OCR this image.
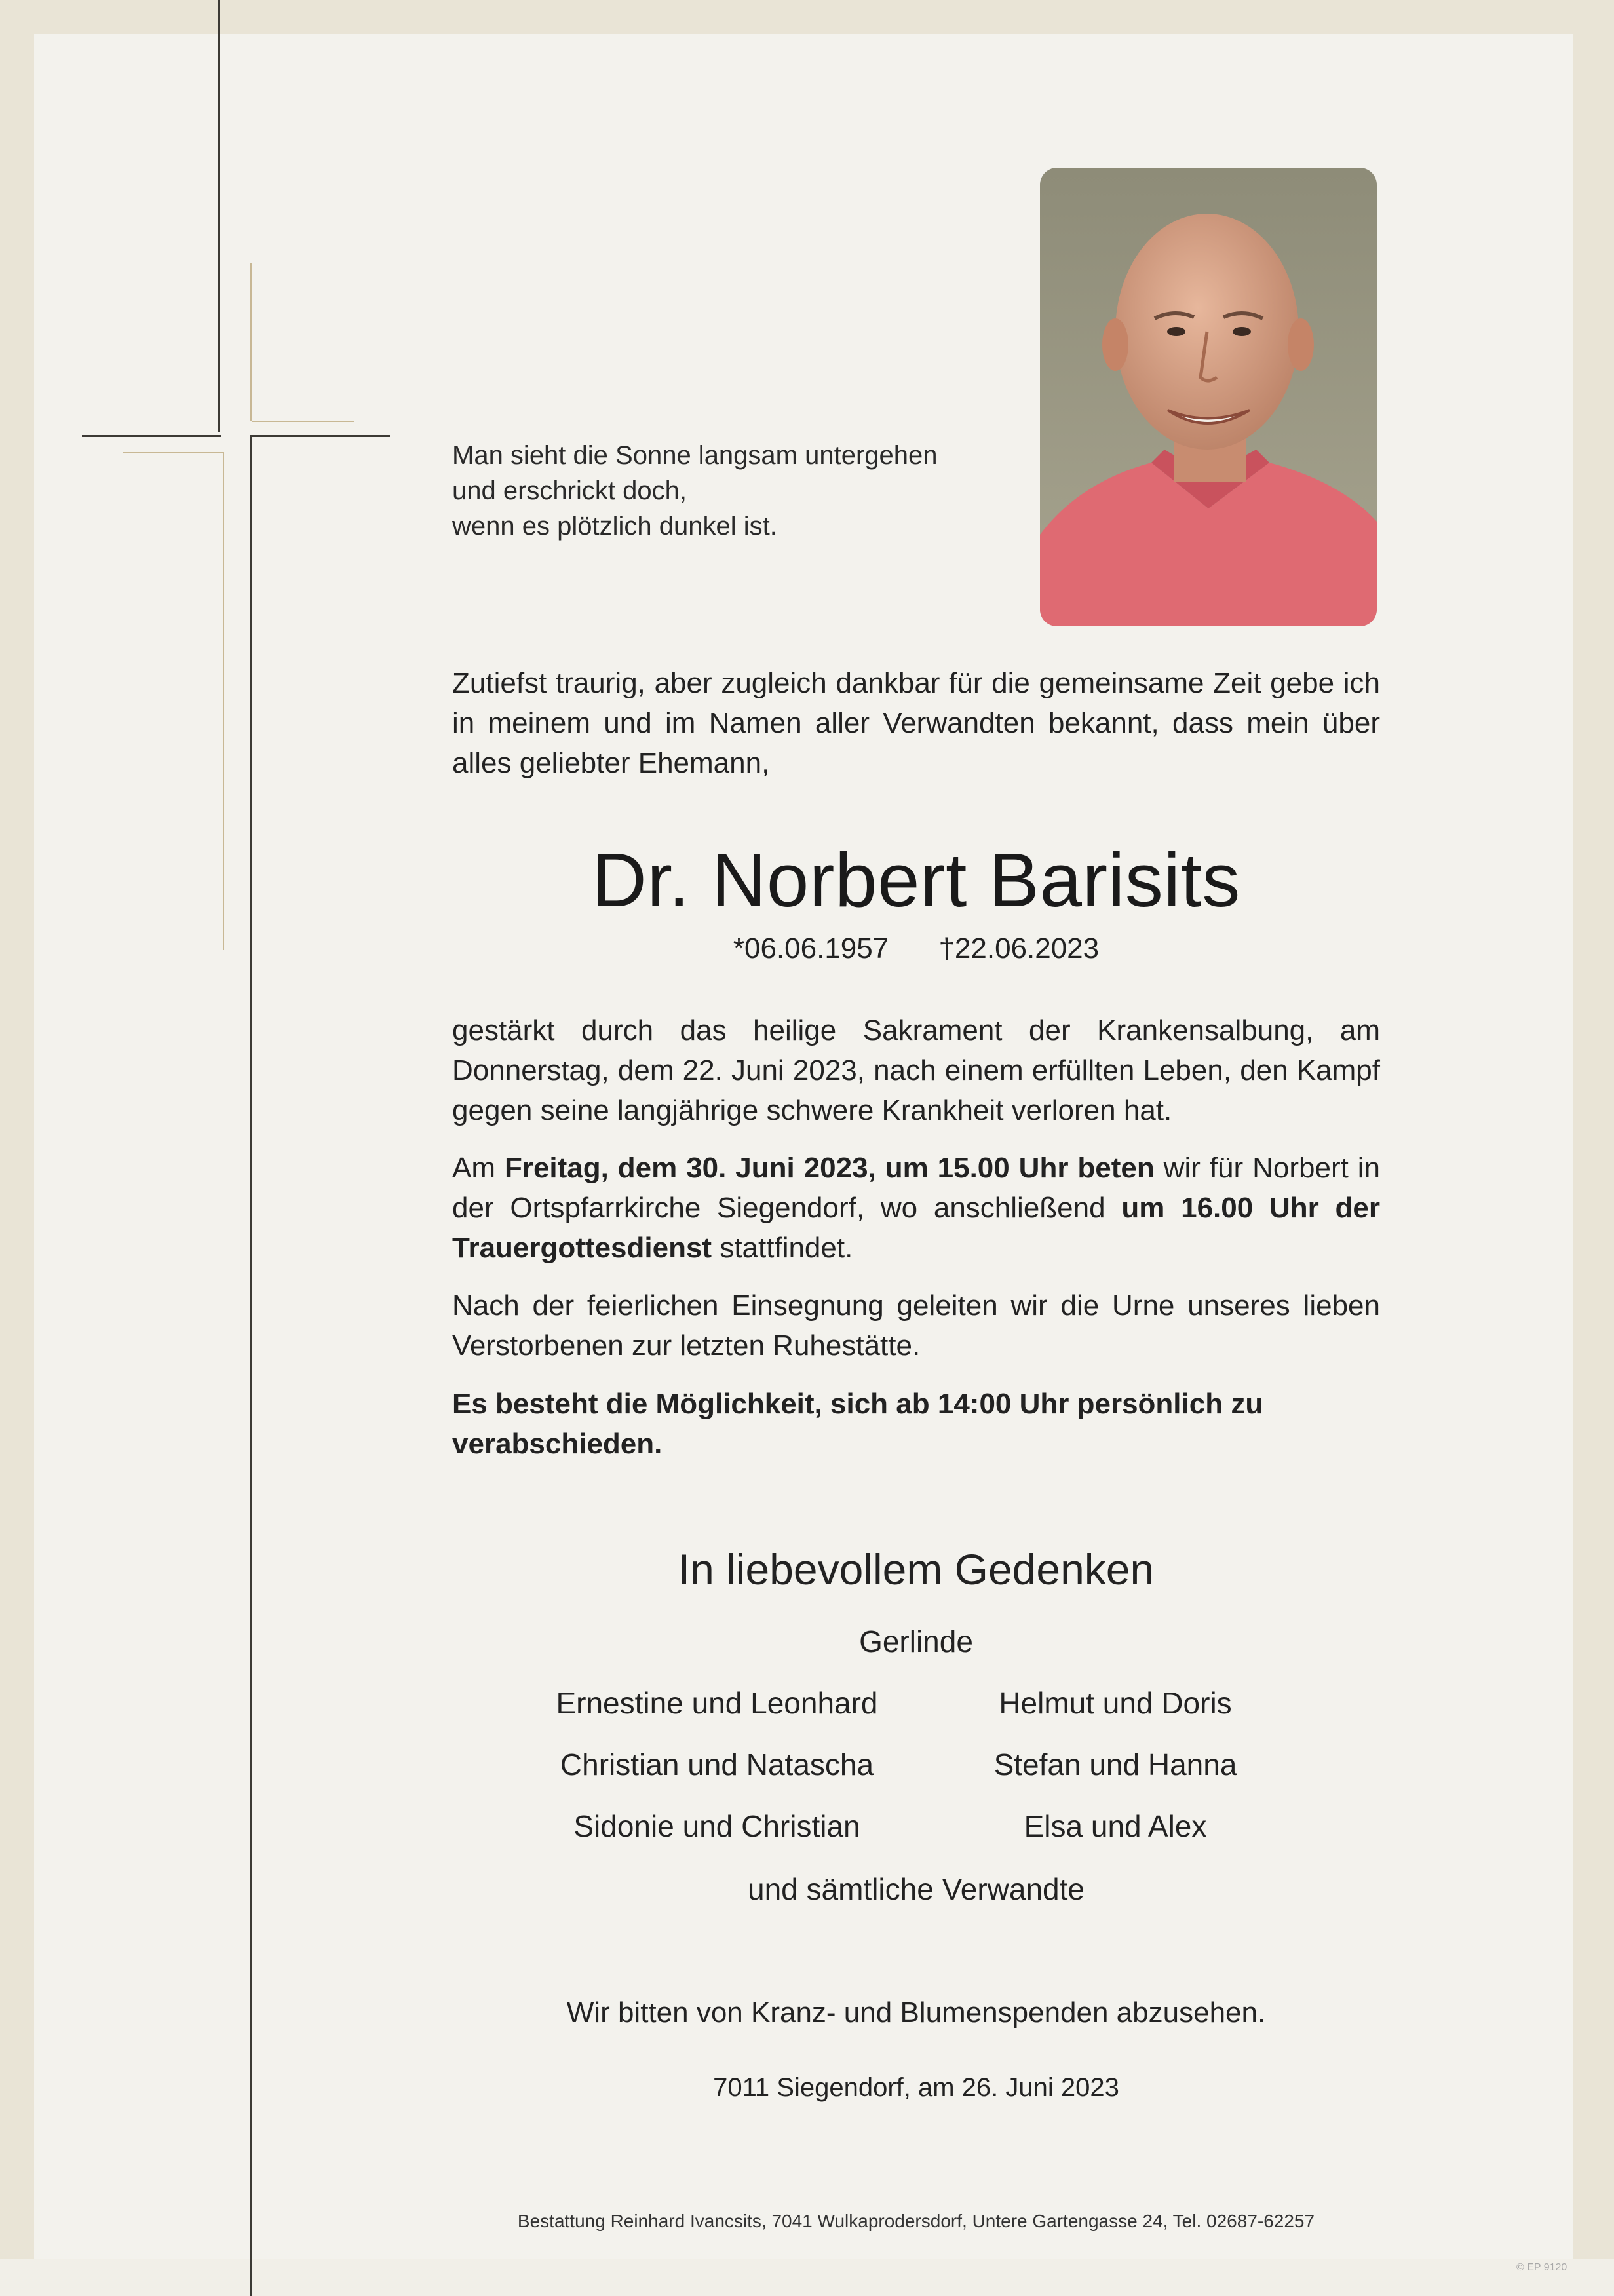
Man sieht die Sonne langsam untergehen
und erschrickt doch,
wenn es plötzlich dunkel ist.

Zutiefst traurig, aber zugleich dankbar für die gemeinsame Zeit gebe ich in meinem und im Namen aller Verwandten bekannt, dass mein über alles geliebter Ehemann,

Dr. Norbert Barisits
*06.06.1957 †22.06.2023

gestärkt durch das heilige Sakrament der Krankensalbung, am Donnerstag, dem 22. Juni 2023, nach einem erfüllten Leben, den Kampf gegen seine langjährige schwere Krankheit verloren hat.

Am Freitag, dem 30. Juni 2023, um 15.00 Uhr beten wir für Norbert in der Ortspfarrkirche Siegendorf, wo anschließend um 16.00 Uhr der Trauergottesdienst stattfindet.

Nach der feierlichen Einsegnung geleiten wir die Urne unseres lieben Verstorbenen zur letzten Ruhestätte.

Es besteht die Möglichkeit, sich ab 14:00 Uhr persönlich zu verabschieden.

In liebevollem Gedenken
Gerlinde
Ernestine und Leonhard	Helmut und Doris
Christian und Natascha	Stefan und Hanna
Sidonie und Christian	Elsa und Alex
und sämtliche Verwandte
Wir bitten von Kranz- und Blumenspenden abzusehen.
7011 Siegendorf, am 26. Juni 2023
Bestattung Reinhard Ivancsits, 7041 Wulkaprodersdorf, Untere Gartengasse 24, Tel. 02687-62257
© EP 9120
